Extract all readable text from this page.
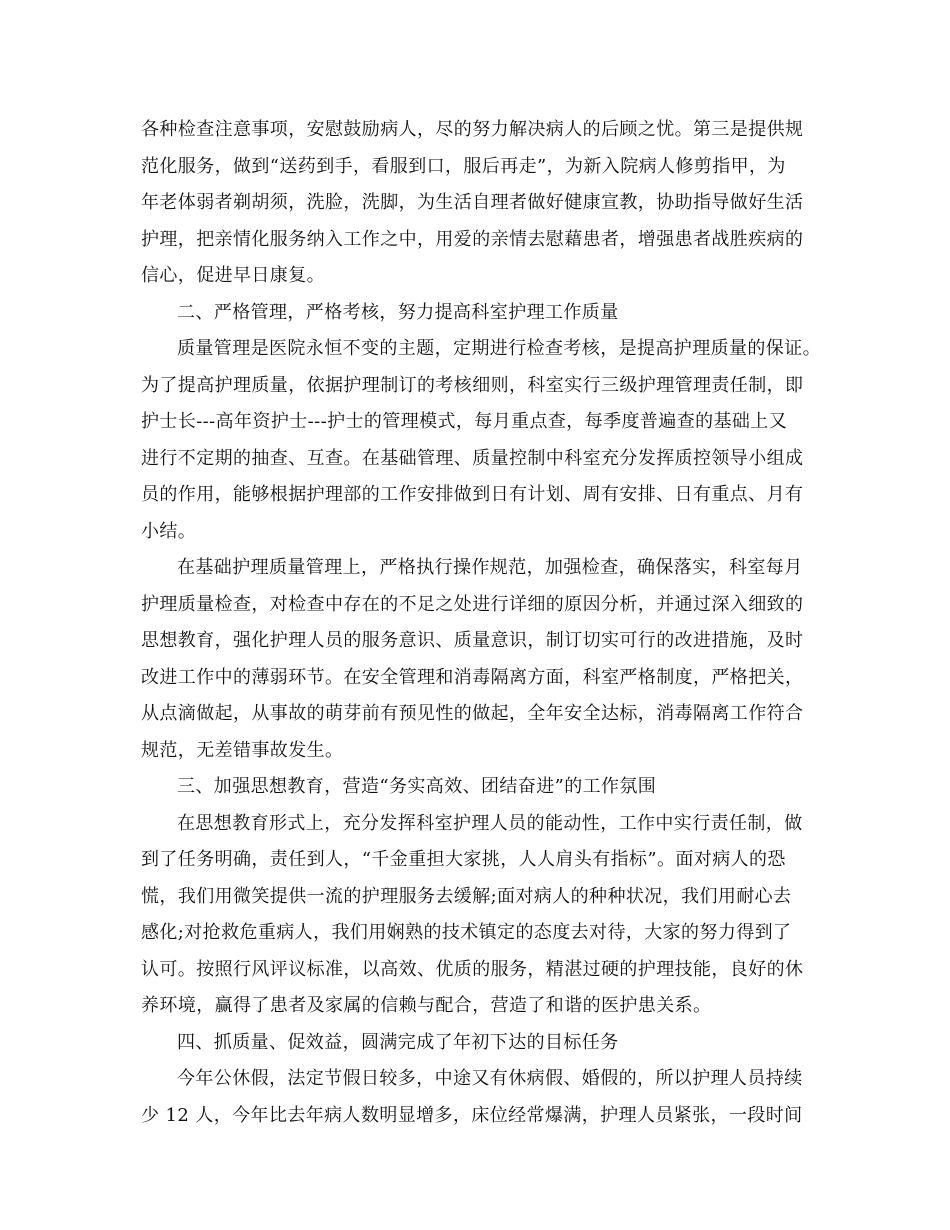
各种检查注意事项，安慰鼓励病人，尽的努力解决病人的后顾之忧。第三是提供规
范化服务，做到“送药到手，看服到口，服后再走”，为新入院病人修剪指甲，为
年老体弱者剃胡须，洗脸，洗脚，为生活自理者做好健康宣教，协助指导做好生活
护理，把亲情化服务纳入工作之中，用爱的亲情去慰藉患者，增强患者战胜疾病的
信心，促进早日康复。
二、严格管理，严格考核，努力提高科室护理工作质量
质量管理是医院永恒不变的主题，定期进行检查考核，是提高护理质量的保证。
为了提高护理质量，依据护理制订的考核细则，科室实行三级护理管理责任制，即
护士长---高年资护士---护士的管理模式，每月重点查，每季度普遍查的基础上又
进行不定期的抽查、互查。在基础管理、质量控制中科室充分发挥质控领导小组成
员的作用，能够根据护理部的工作安排做到日有计划、周有安排、日有重点、月有
小结。
在基础护理质量管理上，严格执行操作规范，加强检查，确保落实，科室每月
护理质量检查，对检查中存在的不足之处进行详细的原因分析，并通过深入细致的
思想教育，强化护理人员的服务意识、质量意识，制订切实可行的改进措施，及时
改进工作中的薄弱环节。在安全管理和消毒隔离方面，科室严格制度，严格把关，
从点滴做起，从事故的萌芽前有预见性的做起，全年安全达标，消毒隔离工作符合
规范，无差错事故发生。
三、加强思想教育，营造“务实高效、团结奋进”的工作氛围
在思想教育形式上，充分发挥科室护理人员的能动性，工作中实行责任制，做
到了任务明确，责任到人，“千金重担大家挑，人人肩头有指标”。面对病人的恐
慌，我们用微笑提供一流的护理服务去缓解;面对病人的种种状况，我们用耐心去
感化;对抢救危重病人，我们用娴熟的技术镇定的态度去对待，大家的努力得到了
认可。按照行风评议标准，以高效、优质的服务，精湛过硬的护理技能，良好的休
养环境，赢得了患者及家属的信赖与配合，营造了和谐的医护患关系。
四、抓质量、促效益，圆满完成了年初下达的目标任务
今年公休假，法定节假日较多，中途又有休病假、婚假的，所以护理人员持续
少 12 人，今年比去年病人数明显增多，床位经常爆满，护理人员紧张，一段时间
